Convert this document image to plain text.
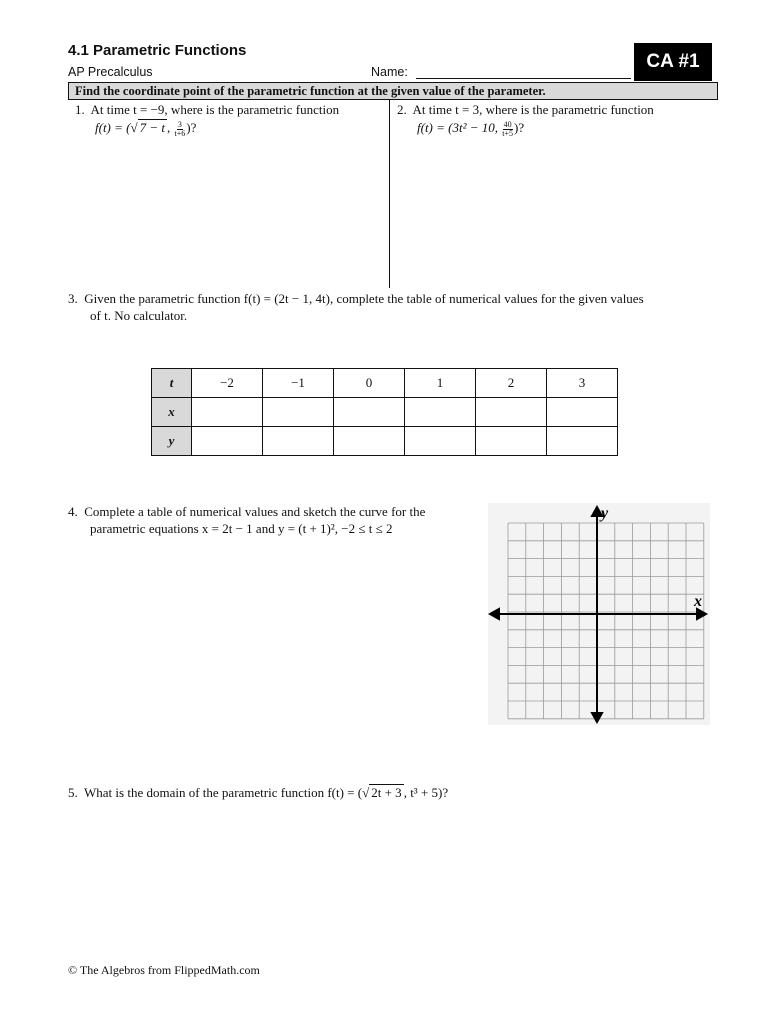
4.1 Parametric Functions
AP Precalculus	Name:	CA #1
Find the coordinate point of the parametric function at the given value of the parameter.
1. At time t = −9, where is the parametric function
f(t) = (√ 7 − t , $\frac{3}{t+6}$ )?
2. At time t = 3, where is the parametric function
f(t) = (3t² − 10, $\frac{40}{t+5}$ )?
3. Given the parametric function f(t) = (2t − 1, 4t), complete the table of numerical values for the given values
of t. No calculator.
t	−2	−1	0	1	2	3
x						
y						
4. Complete a table of numerical values and sketch the curve for the
parametric equations x = 2t − 1 and y = (t + 1)², −2 ≤ t ≤ 2
y
x
5. What is the domain of the parametric function f(t) = (√ 2t + 3 , t³ + 5)?
© The Algebros from FlippedMath.com
